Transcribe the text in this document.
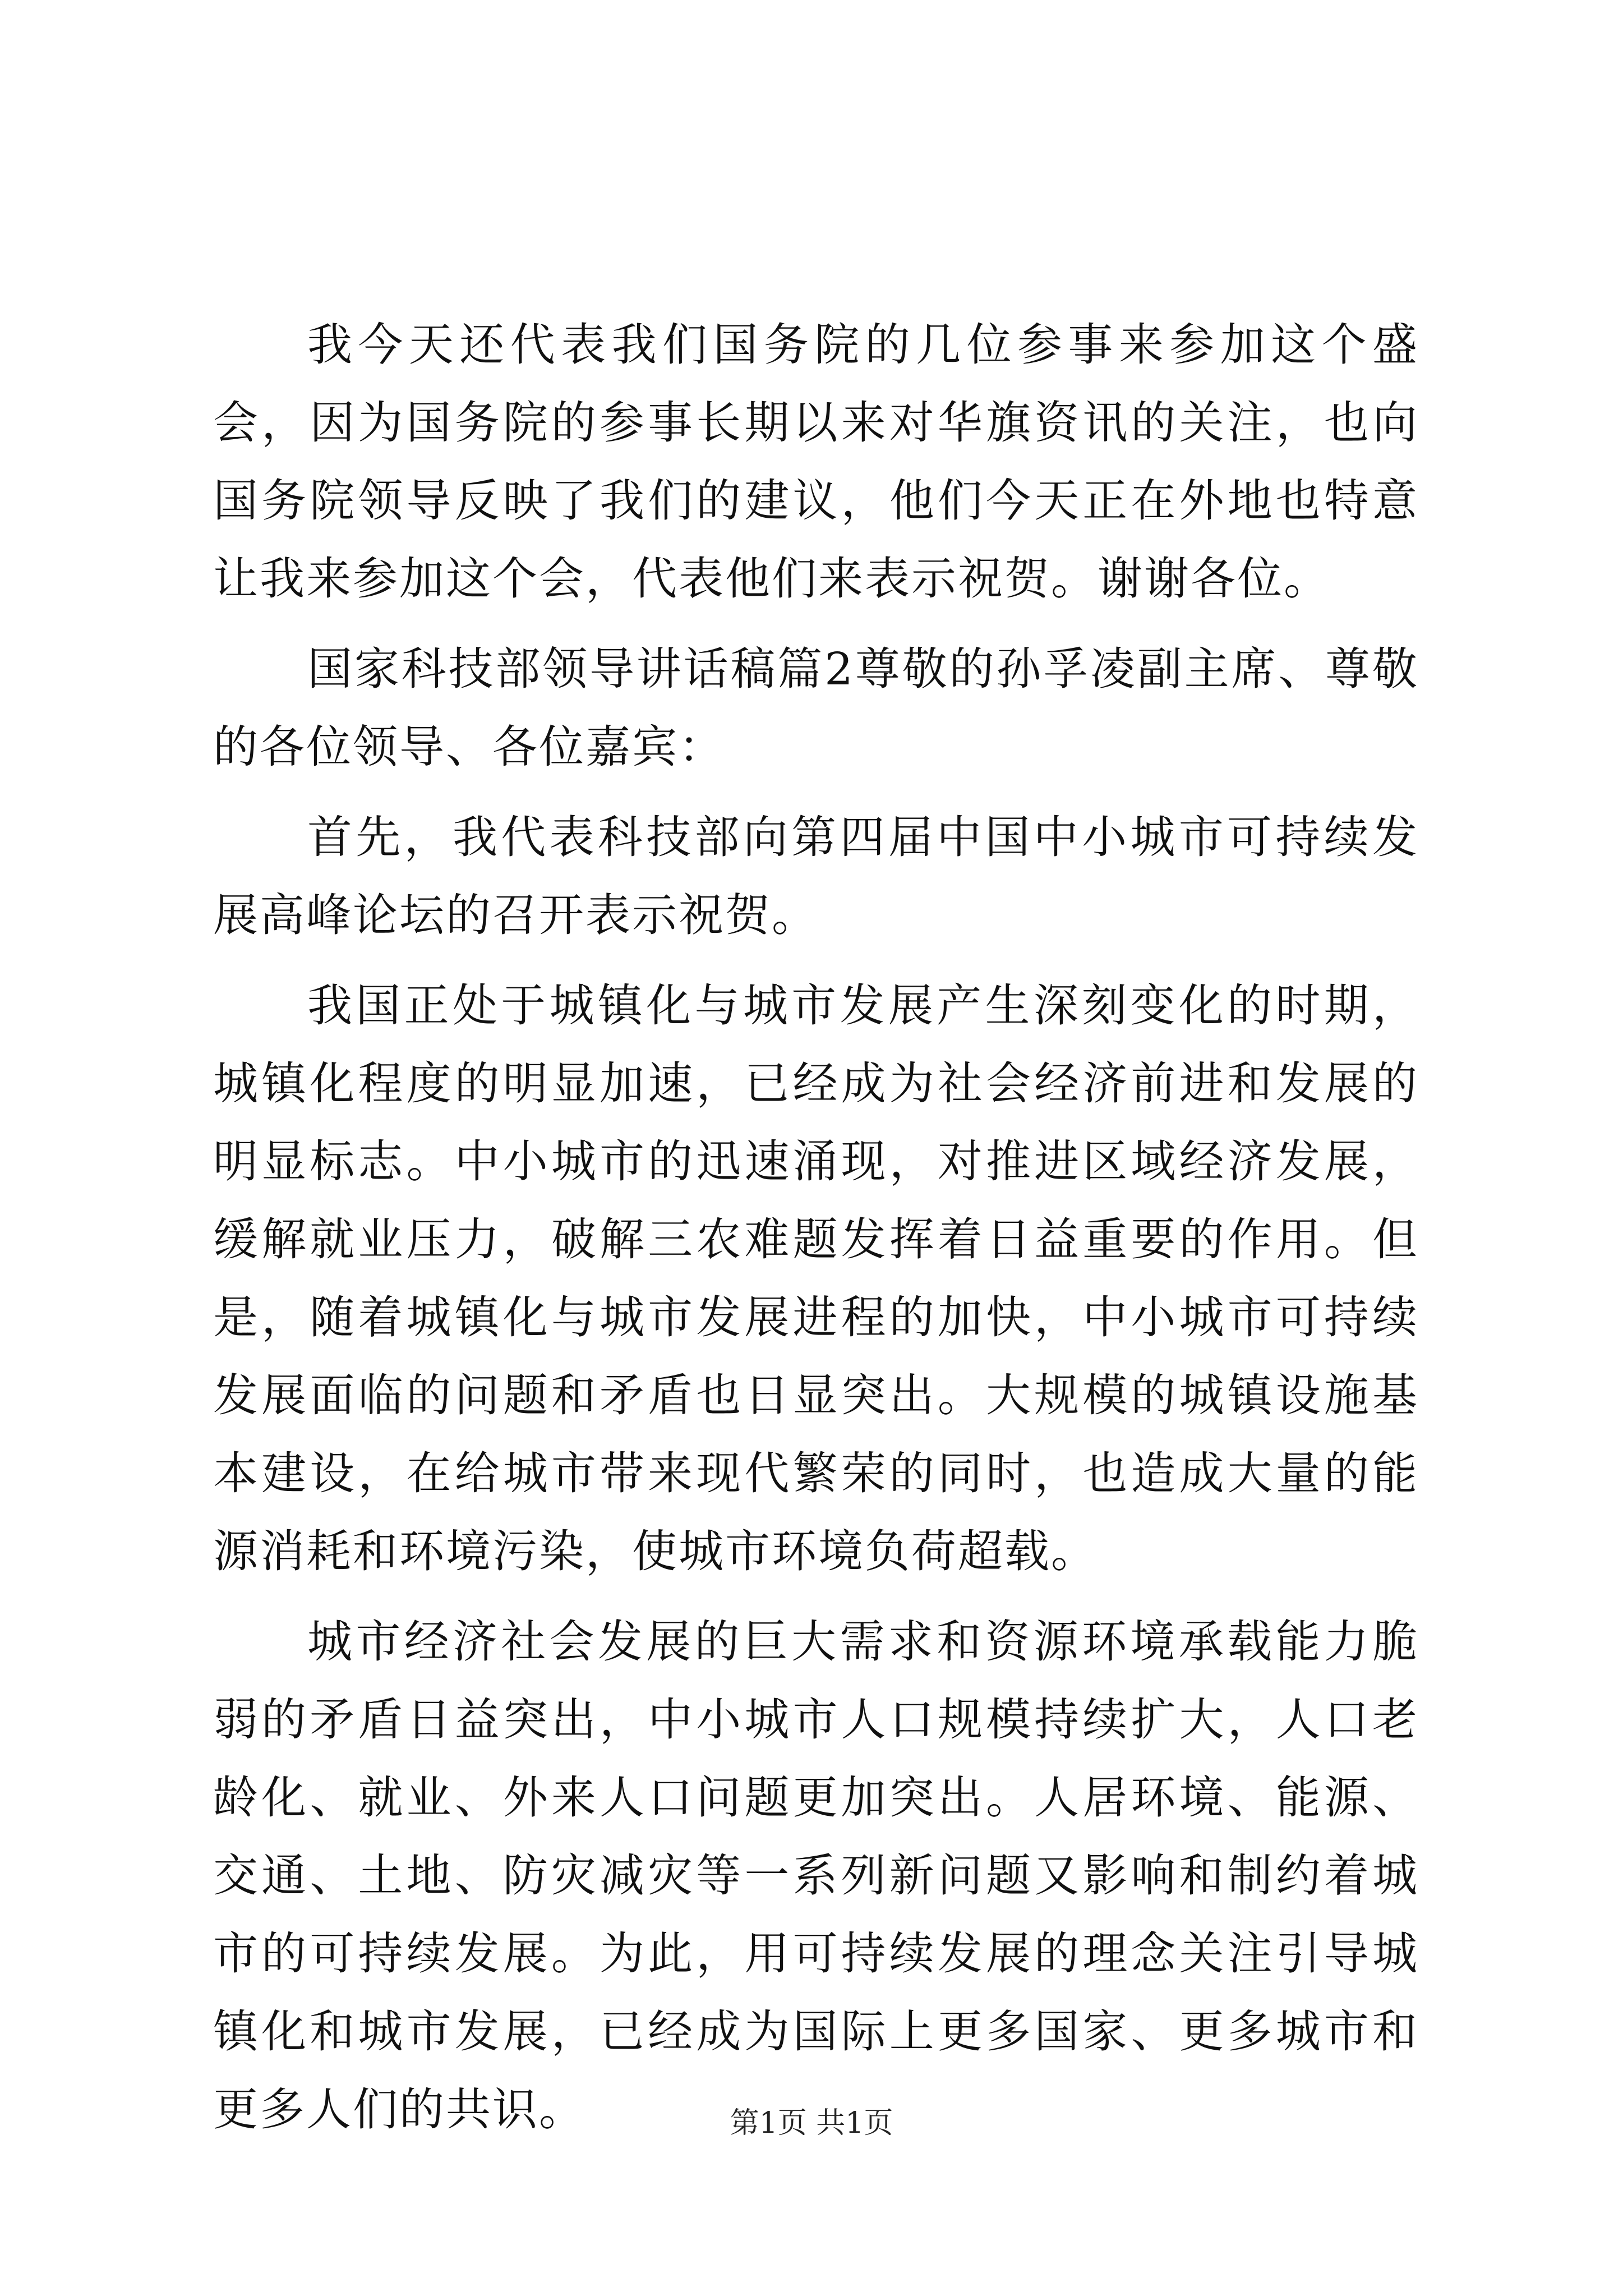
我今天还代表我们国务院的几位参事来参加这个盛会，因为国务院的参事长期以来对华旗资讯的关注，也向国务院领导反映了我们的建议，他们今天正在外地也特意让我来参加这个会，代表他们来表示祝贺。谢谢各位。

国家科技部领导讲话稿篇2尊敬的孙孚凌副主席、尊敬的各位领导、各位嘉宾：

首先，我代表科技部向第四届中国中小城市可持续发展高峰论坛的召开表示祝贺。

我国正处于城镇化与城市发展产生深刻变化的时期，城镇化程度的明显加速，已经成为社会经济前进和发展的明显标志。中小城市的迅速涌现，对推进区域经济发展，缓解就业压力，破解三农难题发挥着日益重要的作用。但是，随着城镇化与城市发展进程的加快，中小城市可持续发展面临的问题和矛盾也日显突出。大规模的城镇设施基本建设，在给城市带来现代繁荣的同时，也造成大量的能源消耗和环境污染，使城市环境负荷超载。

城市经济社会发展的巨大需求和资源环境承载能力脆弱的矛盾日益突出，中小城市人口规模持续扩大，人口老龄化、就业、外来人口问题更加突出。人居环境、能源、交通、土地、防灾减灾等一系列新问题又影响和制约着城市的可持续发展。为此，用可持续发展的理念关注引导城镇化和城市发展，已经成为国际上更多国家、更多城市和更多人们的共识。	第1页 共1页
